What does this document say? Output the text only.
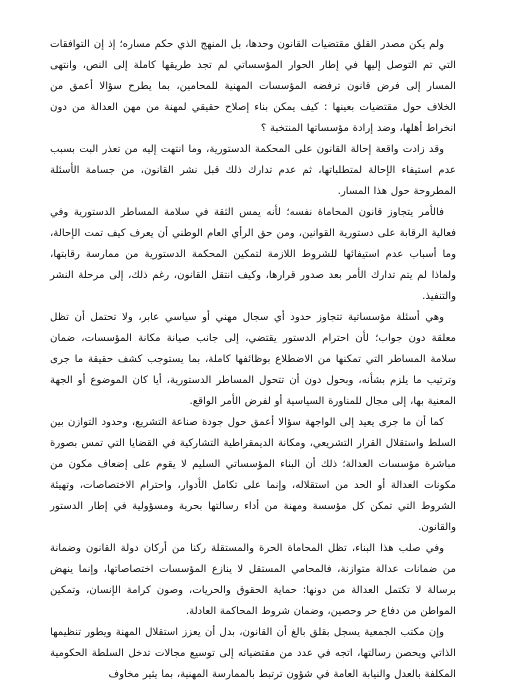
ولم يكن مصدر القلق مقتضيات القانون وحدها، بل المنهج الذي حكم مساره؛ إذ إن التوافقات التي تم التوصل إليها في إطار الحوار المؤسساتي لم تجد طريقها كاملة إلى النص، وانتهى المسار إلى فرض قانون ترفضه المؤسسات المهنية للمحامين، بما يطرح سؤالا أعمق من الخلاف حول مقتضيات بعينها : كيف يمكن بناء إصلاح حقيقي لمهنة من مهن العدالة من دون انخراط أهلها، وضد إرادة مؤسساتها المنتخبة ؟

وقد زادت واقعة إحالة القانون على المحكمة الدستورية، وما انتهت إليه من تعذر البت بسبب عدم استيفاء الإحالة لمتطلباتها، ثم عدم تدارك ذلك قبل نشر القانون، من جسامة الأسئلة المطروحة حول هذا المسار.

فالأمر يتجاوز قانون المحاماة نفسه؛ لأنه يمس الثقة في سلامة المساطر الدستورية وفي فعالية الرقابة على دستورية القوانين، ومن حق الرأي العام الوطني أن يعرف كيف تمت الإحالة، وما أسباب عدم استيفائها للشروط اللازمة لتمكين المحكمة الدستورية من ممارسة رقابتها، ولماذا لم يتم تدارك الأمر بعد صدور قرارها، وكيف انتقل القانون، رغم ذلك، إلى مرحلة النشر والتنفيذ.

وهي أسئلة مؤسساتية تتجاوز حدود أي سجال مهني أو سياسي عابر، ولا تحتمل أن تظل معلقة دون جواب؛ لأن احترام الدستور يقتضي، إلى جانب صيانة مكانة المؤسسات، ضمان سلامة المساطر التي تمكنها من الاضطلاع بوظائفها كاملة، بما يستوجب كشف حقيقة ما جرى وترتيب ما يلزم بشأنه، وبحول دون أن تتحول المساطر الدستورية، أيا كان الموضوع أو الجهة المعنية بها، إلى مجال للمناورة السياسية أو لفرض الأمر الواقع.

كما أن ما جرى يعيد إلى الواجهة سؤالا أعمق حول جودة صناعة التشريع، وحدود التوازن بين السلط واستقلال القرار التشريعي، ومكانة الديمقراطية التشاركية في القضايا التي تمس بصورة مباشرة مؤسسات العدالة؛ ذلك أن البناء المؤسساتي السليم لا يقوم على إضعاف مكون من مكونات العدالة أو الحد من استقلاله، وإنما على تكامل الأدوار، واحترام الاختصاصات، وتهيئة الشروط التي تمكن كل مؤسسة ومهنة من أداء رسالتها بحرية ومسؤولية في إطار الدستور والقانون.

وفي صلب هذا البناء، تظل المحاماة الحرة والمستقلة ركنا من أركان دولة القانون وضمانة من ضمانات عدالة متوازنة، فالمحامي المستقل لا ينازع المؤسسات اختصاصاتها، وإنما ينهض برسالة لا تكتمل العدالة من دونها: حماية الحقوق والحريات، وصون كرامة الإنسان، وتمكين المواطن من دفاع حر وحصين، وضمان شروط المحاكمة العادلة.

وإن مكتب الجمعية يسجل بقلق بالغ أن القانون، بدل أن يعزز استقلال المهنة ويطور تنظيمها الذاتي ويحصن رسالتها، اتجه في عدد من مقتضياته إلى توسيع مجالات تدخل السلطة الحكومية المكلفة بالعدل والنيابة العامة في شؤون ترتبط بالممارسة المهنية، بما يثير مخاوف
